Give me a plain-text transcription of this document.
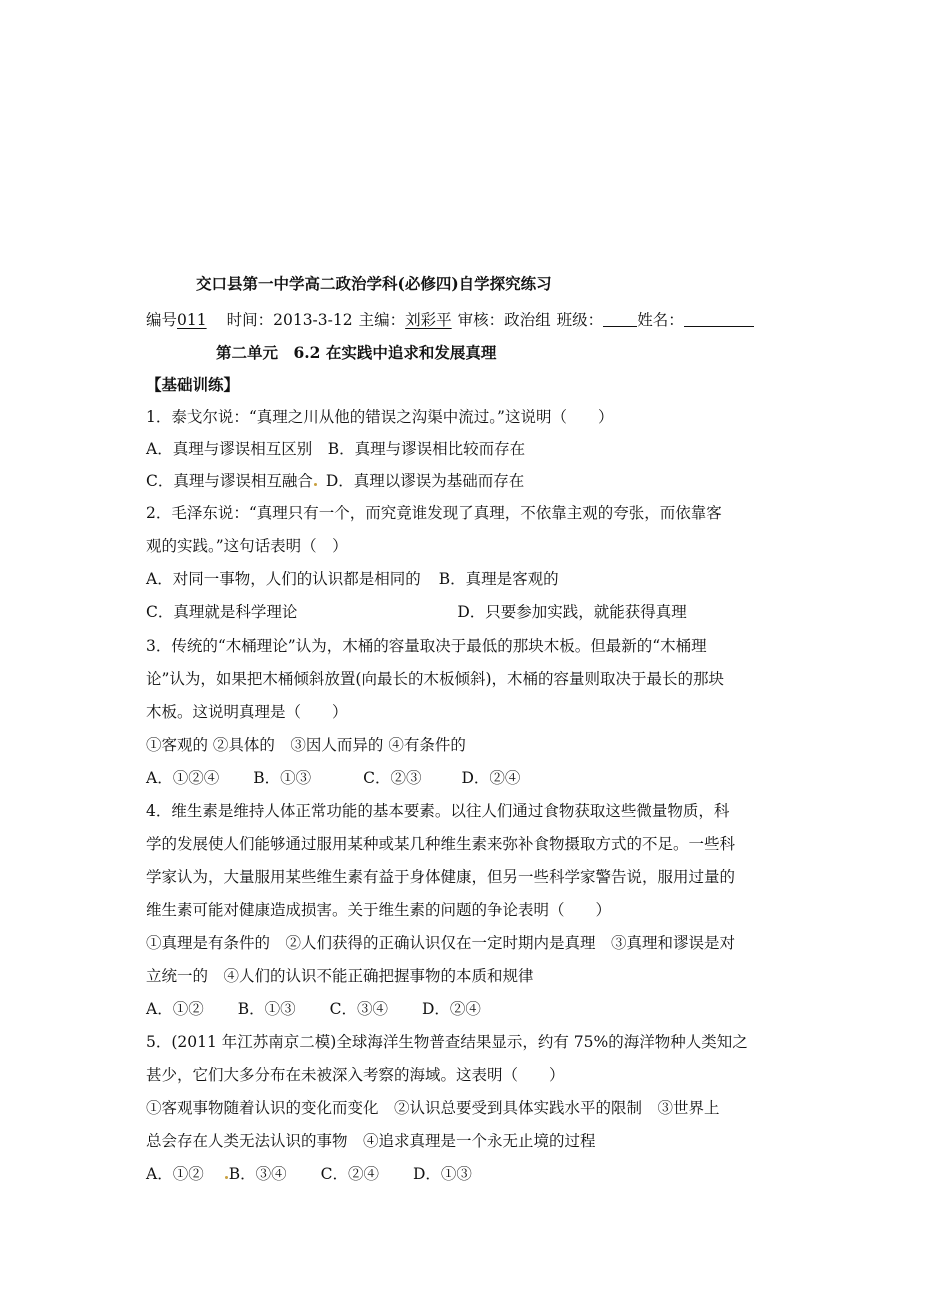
交口县第一中学高二政治学科(必修四)自学探究练习
编号011 时间：2013-3-12 主编：刘彩平 审核：政治组 班级： 姓名：
第二单元　6.2 在实践中追求和发展真理
【基础训练】
1．泰戈尔说：“真理之川从他的错误之沟渠中流过。”这说明（　　）
A．真理与谬误相互区别　B．真理与谬误相比较而存在
C．真理与谬误相互融合 D．真理以谬误为基础而存在
2．毛泽东说：“真理只有一个，而究竟谁发现了真理，不依靠主观的夸张，而依靠客
观的实践。”这句话表明（　）
A．对同一事物，人们的认识都是相同的 B．真理是客观的
C．真理就是科学理论	D．只要参加实践，就能获得真理
3．传统的“木桶理论”认为，木桶的容量取决于最低的那块木板。但最新的“木桶理
论”认为，如果把木桶倾斜放置(向最长的木板倾斜)，木桶的容量则取决于最长的那块
木板。这说明真理是（　　）
①客观的 ②具体的　③因人而异的 ④有条件的
A．①②④ B．①③	C．②③	D．②④
4．维生素是维持人体正常功能的基本要素。以往人们通过食物获取这些微量物质，科
学的发展使人们能够通过服用某种或某几种维生素来弥补食物摄取方式的不足。一些科
学家认为，大量服用某些维生素有益于身体健康，但另一些科学家警告说，服用过量的
维生素可能对健康造成损害。关于维生素的问题的争论表明（　　）
①真理是有条件的　②人们获得的正确认识仅在一定时期内是真理　③真理和谬误是对
立统一的　④人们的认识不能正确把握事物的本质和规律
A．①② B．①③ C．③④ D．②④
5．(2011 年江苏南京二模)全球海洋生物普查结果显示，约有 75%的海洋物种人类知之
甚少，它们大多分布在未被深入考察的海域。这表明（　　）
①客观事物随着认识的变化而变化　②认识总要受到具体实践水平的限制　③世界上
总会存在人类无法认识的事物　④追求真理是一个永无止境的过程
A．①② B．③④ C．②④ D．①③
